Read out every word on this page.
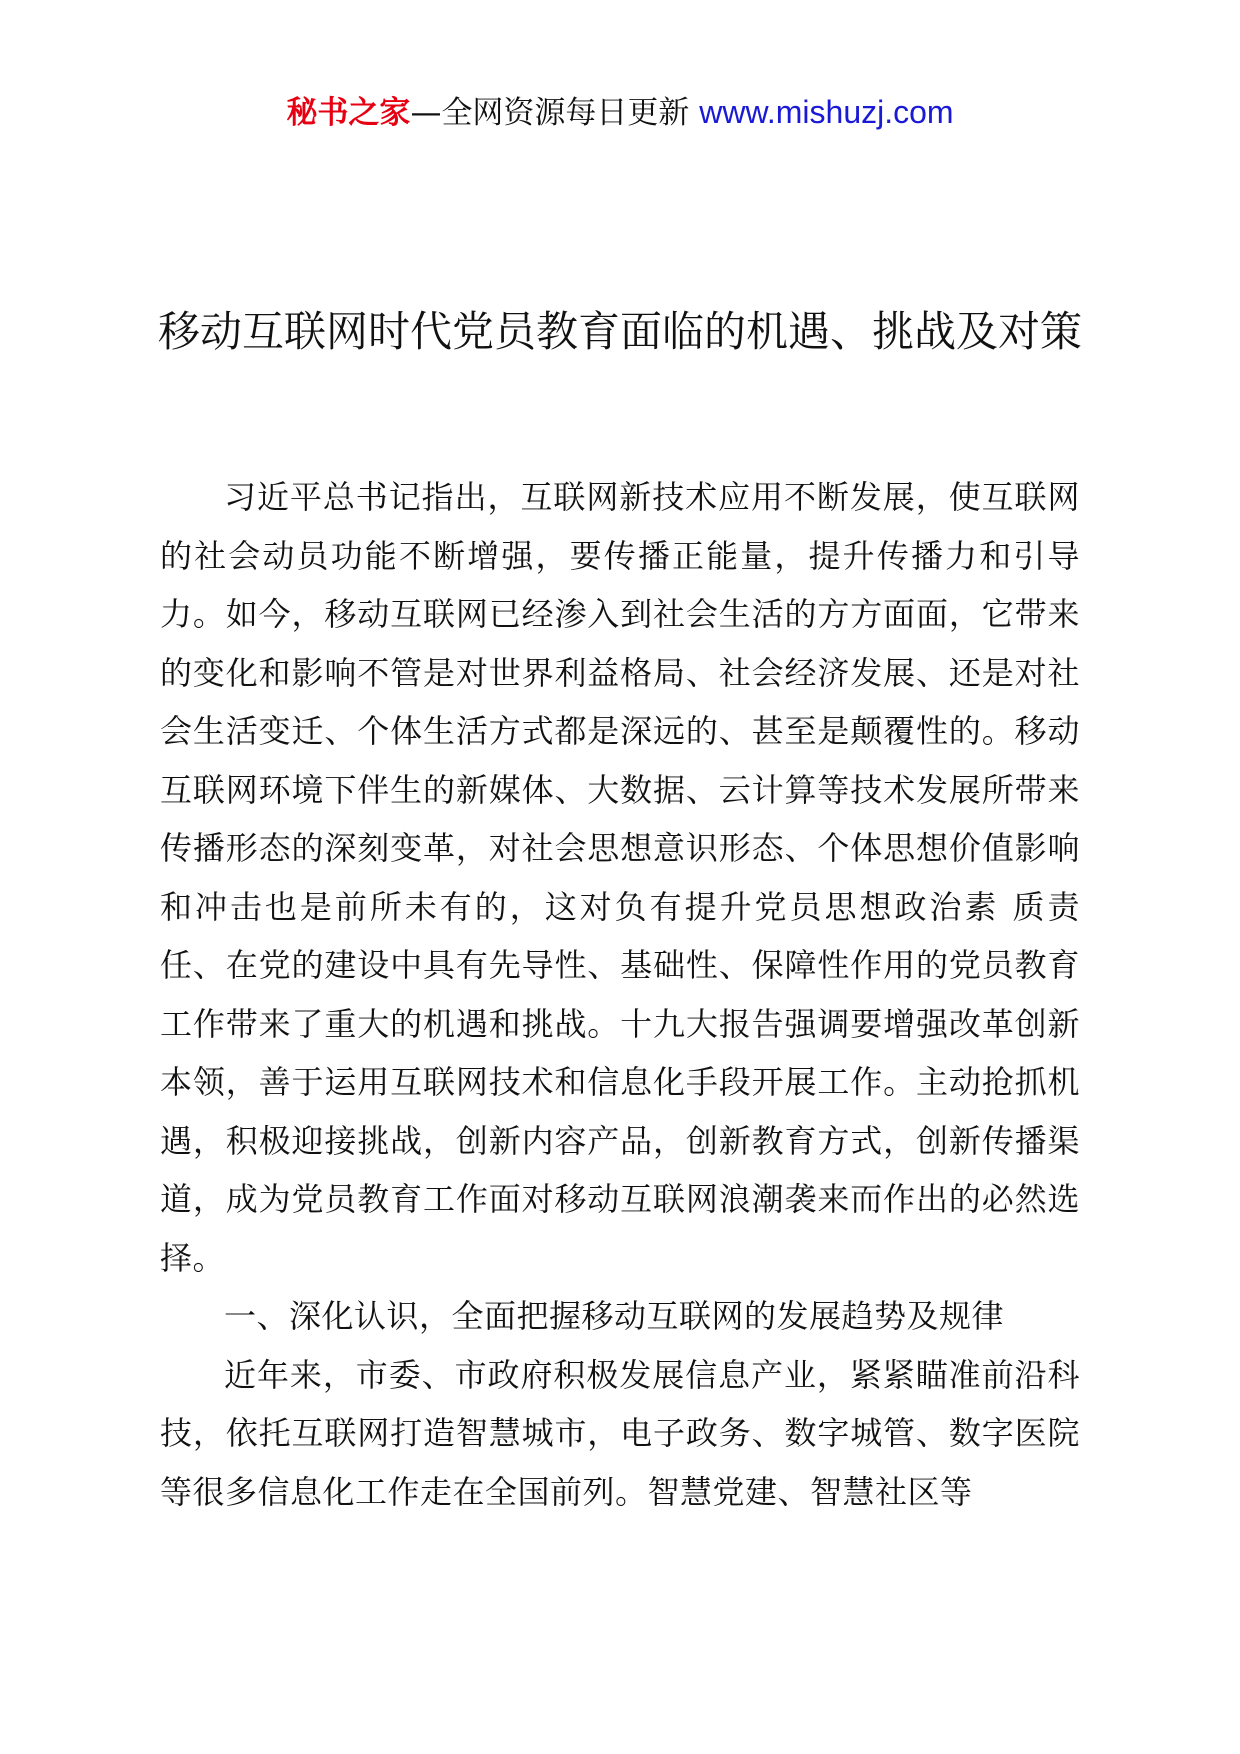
秘书之家—全网资源每日更新 www.mishuzj.com
移动互联网时代党员教育面临的机遇、挑战及对策

习近平总书记指出，互联网新技术应用不断发展，使互联网的社会动员功能不断增强，要传播正能量，提升传播力和引导力。如今，移动互联网已经渗入到社会生活的方方面面，它带来的变化和影响不管是对世界利益格局、社会经济发展、还是对社会生活变迁、个体生活方式都是深远的、甚至是颠覆性的。移动互联网环境下伴生的新媒体、大数据、云计算等技术发展所带来传播形态的深刻变革，对社会思想意识形态、个体思想价值影响和冲击也是前所未有的，这对负有提升党员思想政治素 质责任、在党的建设中具有先导性、基础性、保障性作用的党员教育工作带来了重大的机遇和挑战。十九大报告强调要增强改革创新本领，善于运用互联网技术和信息化手段开展工作。主动抢抓机遇，积极迎接挑战，创新内容产品，创新教育方式，创新传播渠道，成为党员教育工作面对移动互联网浪潮袭来而作出的必然选择。

一、深化认识，全面把握移动互联网的发展趋势及规律

近年来，市委、市政府积极发展信息产业，紧紧瞄准前沿科技，依托互联网打造智慧城市，电子政务、数字城管、数字医院等很多信息化工作走在全国前列。智慧党建、智慧社区等
